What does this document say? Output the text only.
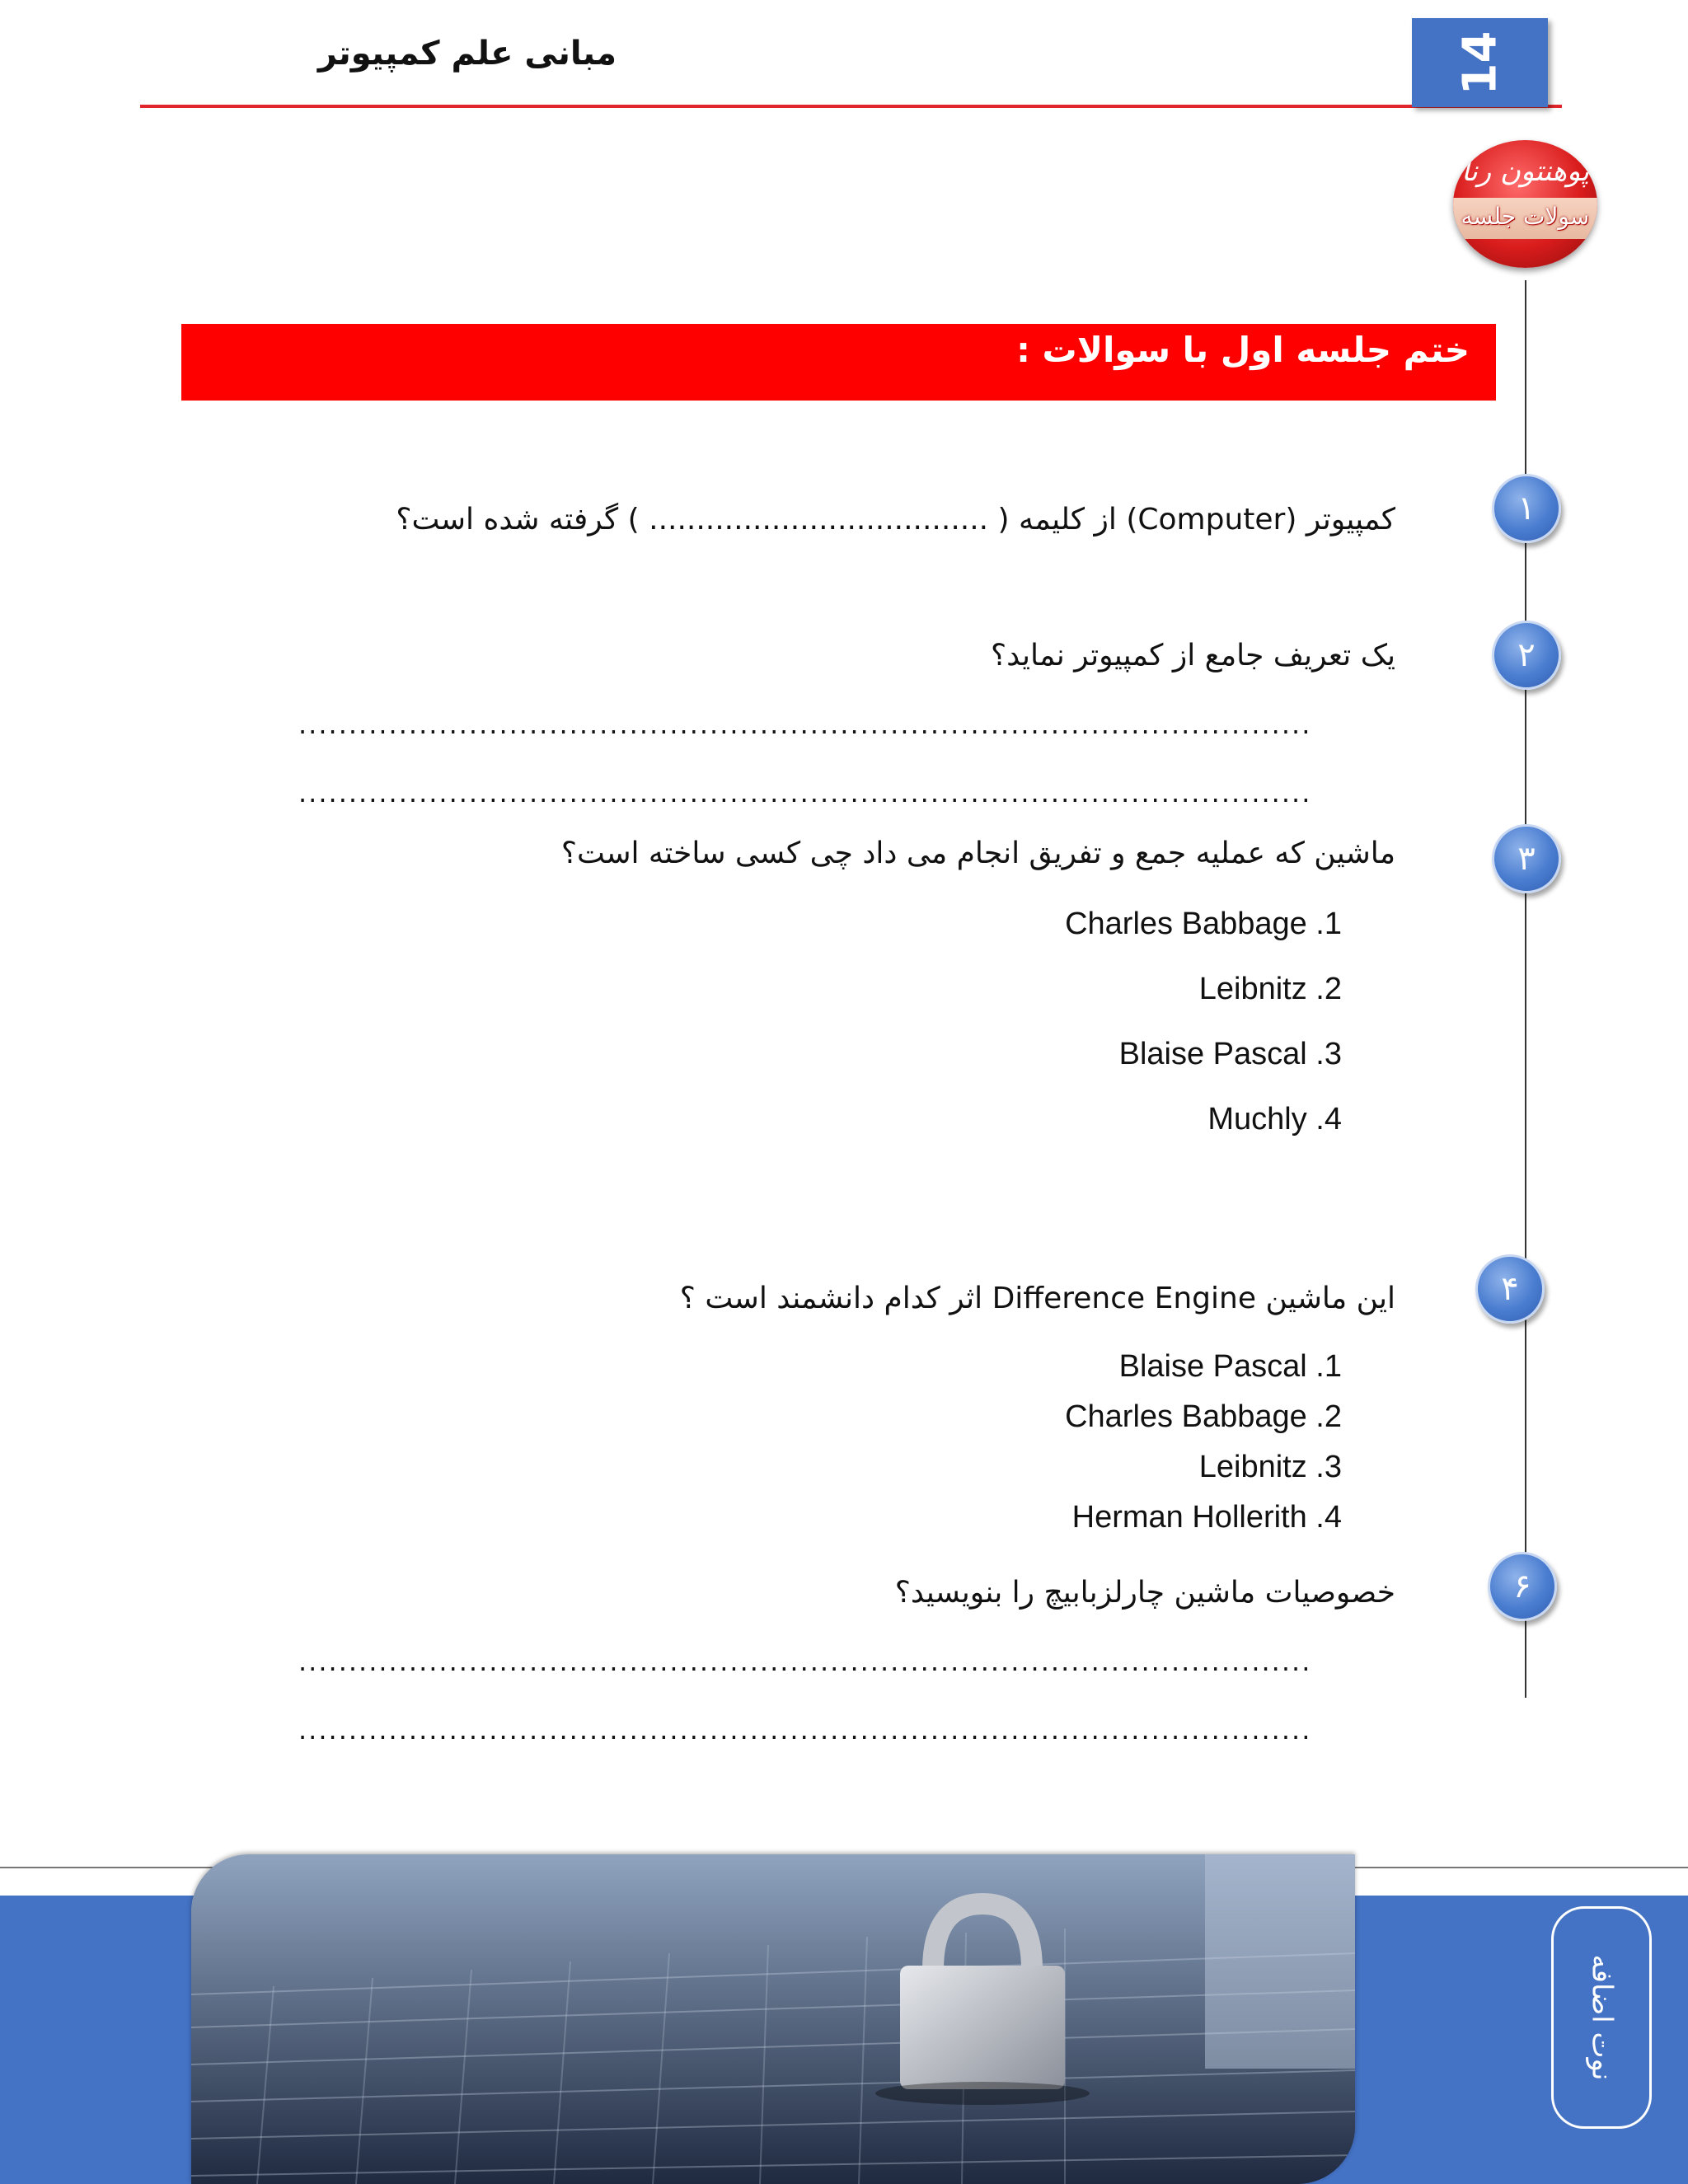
مبانی علم کمپیوتر	14
پوهنتون رنا
سولات جلسه
ختم جلسه اول با سوالات :
۱
کمپیوتر (Computer) از کلیمه ( .................................... ) گرفته شده است؟
۲
یک تعریف جامع از کمپیوتر نماید؟
.....................................................................................................
.....................................................................................................
۳
ماشین که عملیه جمع و تفریق انجام می داد چی کسی ساخته است؟
Charles Babbage .1
Leibnitz .2
Blaise Pascal .3
Muchly .4
۴
این ماشین Difference Engine اثر کدام دانشمند است ؟
Blaise Pascal .1
Charles Babbage .2
Leibnitz .3
Herman Hollerith .4
۶
خصوصیات ماشین چارلزبابیچ را بنویسید؟
.....................................................................................................
.....................................................................................................
نوت اضافه
